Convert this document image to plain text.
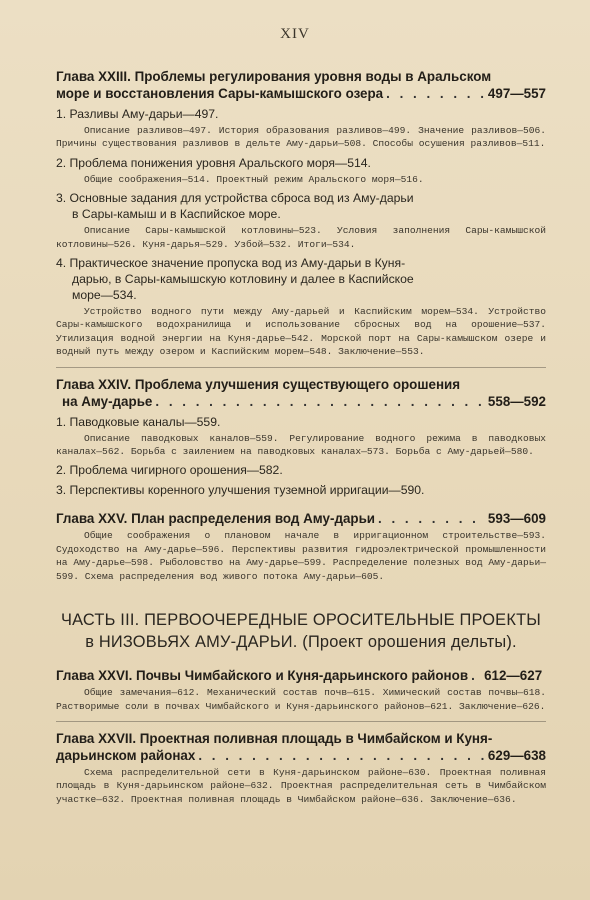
XIV
Глава XXIII. Проблемы регулирования уровня воды в Аральском
море и восстановления Сары-камышского озера . . .	497—557
1. Разливы Аму-дарьи—497.
Описание разливов—497. История образования разливов—499. Значение разливов—506. Причины существования разливов в дельте Аму-дарьи—508. Способы осушения разливов—511.
2. Проблема понижения уровня Аральского моря—514.
Общие соображения—514. Проектный режим Аральского моря—516.
3. Основные задания для устройства сброса вод из Аму-дарьи
в Сары-камыш и в Каспийское море.
Описание Сары-камышской котловины—523. Условия заполнения Сары-камышской котловины—526. Куня-дарья—529. Узбой—532. Итоги—534.
4. Практическое значение пропуска вод из Аму-дарьи в Куня-
дарью, в Сары-камышскую котловину и далее в Каспийское
море—534.
Устройство водного пути между Аму-дарьей и Каспийским морем—534. Устройство Сары-камышского водохранилища и использование сбросных вод на орошение—537. Утилизация водной энергии на Куня-дарье—542. Морской порт на Сары-камышском озере и водный путь между озером и Каспийским морем—548. Заключение—553.
Глава XXIV. Проблема улучшения существующего орошения
на Аму-дарье . . .	558—592
1. Паводковые каналы—559.
Описание паводковых каналов—559. Регулирование водного режима в паводковых каналах—562. Борьба с заилением на паводковых каналах—573. Борьба с Аму-дарьей—580.
2. Проблема чигирного орошения—582.
3. Перспективы коренного улучшения туземной ирригации—590.
Глава XXV. План распределения вод Аму-дарьи . . .	593—609
Общие соображения о плановом начале в ирригационном строительстве—593. Судоходство на Аму-дарье—596. Перспективы развития гидроэлектрической промышленности на Аму-дарье—598. Рыболовство на Аму-дарье—599. Распределение полезных вод Аму-дарьи—599. Схема распределения вод живого потока Аму-дарьи—605.
ЧАСТЬ III. ПЕРВООЧЕРЕДНЫЕ ОРОСИТЕЛЬНЫЕ ПРОЕКТЫ
в НИЗОВЬЯХ АМУ-ДАРЬИ. (Проект орошения дельты).
Глава XXVI. Почвы Чимбайского и Куня-дарьинского районов . . . 612—627
Общие замечания—612. Механический состав почв—615. Химический состав почвы—618. Растворимые соли в почвах Чимбайского и Куня-дарьинского районов—621. Заключение—626.
Глава XXVII. Проектная поливная площадь в Чимбайском и Куня-
дарьинском районах . . .	629—638
Схема распределительной сети в Куня-дарьинском районе—630. Проектная поливная площадь в Куня-дарьинском районе—632. Проектная распределительная сеть в Чимбайском участке—632. Проектная поливная площадь в Чимбайском районе—636. Заключение—636.
